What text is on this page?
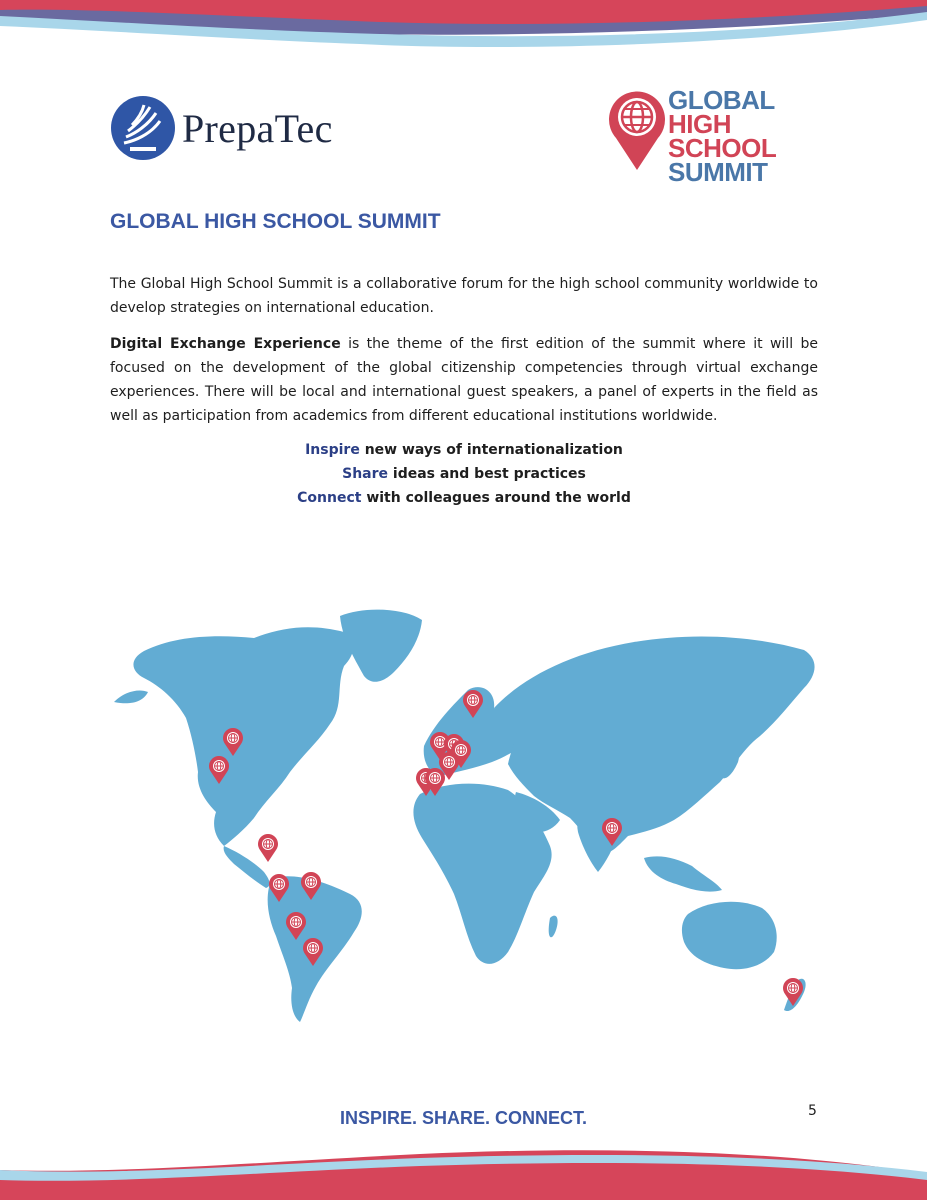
PrepaTec
GLOBAL
HIGH SCHOOL
SUMMIT
GLOBAL HIGH SCHOOL SUMMIT

The Global High School Summit is a collaborative forum for the high school community worldwide to develop strategies on international education.

Digital Exchange Experience is the theme of the first edition of the summit where it will be focused on the development of the global citizenship competencies through virtual exchange experiences. There will be local and international guest speakers, a panel of experts in the field as well as participation from academics from different educational institutions worldwide.

Inspire new ways of internationalization
Share ideas and best practices
Connect with colleagues around the world

INSPIRE. SHARE. CONNECT.	5
